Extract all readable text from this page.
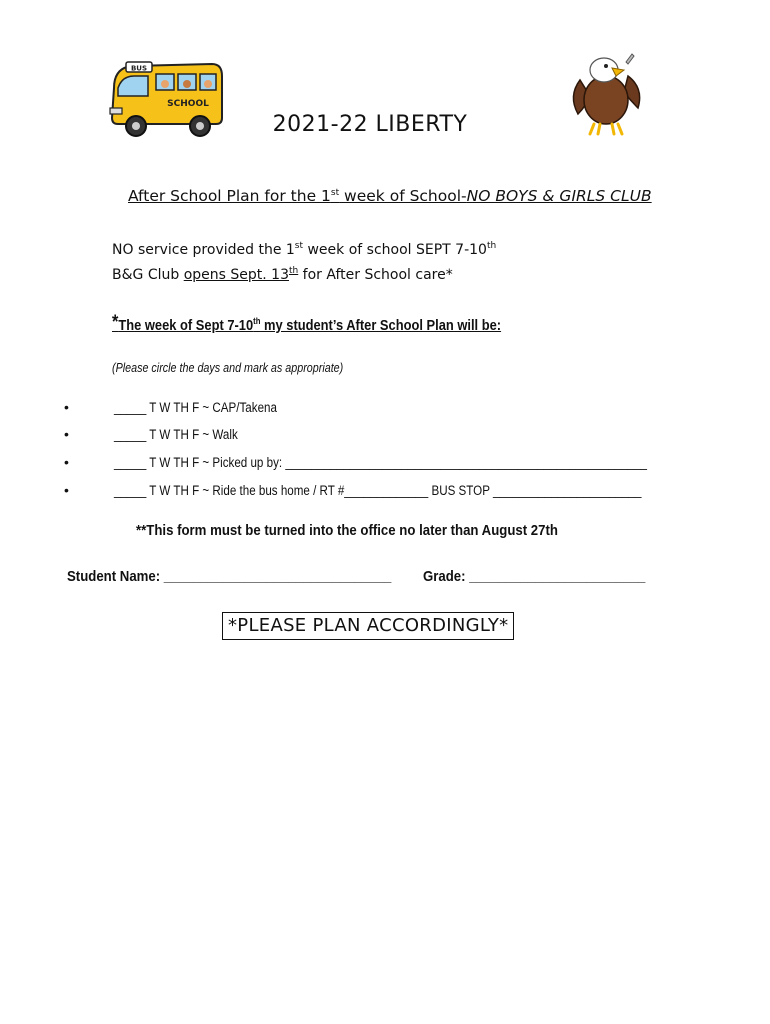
BUS
SCHOOL
2021-22 LIBERTY
After School Plan for the 1st week of School-NO BOYS & GIRLS CLUB
NO service provided the 1st week of school SEPT 7-10th
B&G Club opens Sept. 13th for After School care*
*The week of Sept 7-10th my student’s After School Plan will be:
(Please circle the days and mark as appropriate)
•	_____ T W TH F ~ CAP/Takena
•	_____ T W TH F ~ Walk
•	_____ T W TH F ~ Picked up by: ________________________________________________________
•	_____ T W TH F ~ Ride the bus home / RT #_____________ BUS STOP _______________________
**This form must be turned into the office no later than August 27th
Student Name: _______________________________ Grade: ________________________
*PLEASE PLAN ACCORDINGLY*
